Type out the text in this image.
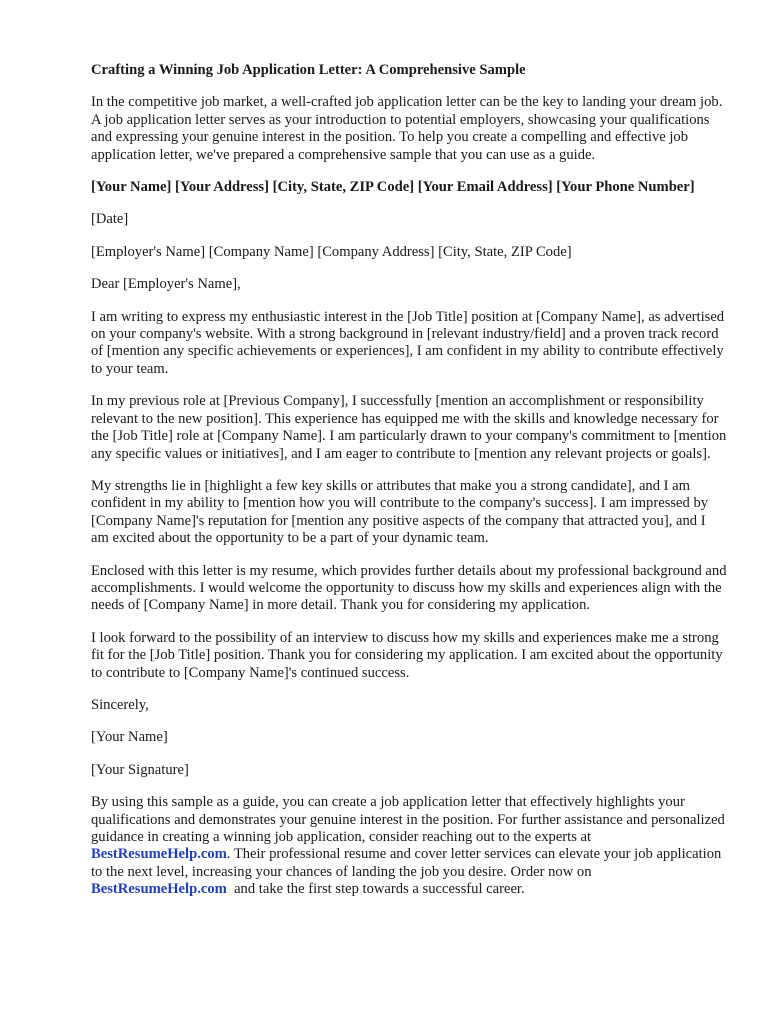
Crafting a Winning Job Application Letter: A Comprehensive Sample

In the competitive job market, a well-crafted job application letter can be the key to landing your dream job. A job application letter serves as your introduction to potential employers, showcasing your qualifications and expressing your genuine interest in the position. To help you create a compelling and effective job application letter, we've prepared a comprehensive sample that you can use as a guide.

[Your Name] [Your Address] [City, State, ZIP Code] [Your Email Address] [Your Phone Number]

[Date]

[Employer's Name] [Company Name] [Company Address] [City, State, ZIP Code]

Dear [Employer's Name],

I am writing to express my enthusiastic interest in the [Job Title] position at [Company Name], as advertised on your company's website. With a strong background in [relevant industry/field] and a proven track record of [mention any specific achievements or experiences], I am confident in my ability to contribute effectively to your team.

In my previous role at [Previous Company], I successfully [mention an accomplishment or responsibility relevant to the new position]. This experience has equipped me with the skills and knowledge necessary for the [Job Title] role at [Company Name]. I am particularly drawn to your company's commitment to [mention any specific values or initiatives], and I am eager to contribute to [mention any relevant projects or goals].

My strengths lie in [highlight a few key skills or attributes that make you a strong candidate], and I am confident in my ability to [mention how you will contribute to the company's success]. I am impressed by [Company Name]'s reputation for [mention any positive aspects of the company that attracted you], and I am excited about the opportunity to be a part of your dynamic team.

Enclosed with this letter is my resume, which provides further details about my professional background and accomplishments. I would welcome the opportunity to discuss how my skills and experiences align with the needs of [Company Name] in more detail. Thank you for considering my application.

I look forward to the possibility of an interview to discuss how my skills and experiences make me a strong fit for the [Job Title] position. Thank you for considering my application. I am excited about the opportunity to contribute to [Company Name]'s continued success.

Sincerely,

[Your Name]

[Your Signature]

By using this sample as a guide, you can create a job application letter that effectively highlights your qualifications and demonstrates your genuine interest in the position. For further assistance and personalized guidance in creating a winning job application, consider reaching out to the experts at BestResumeHelp.com. Their professional resume and cover letter services can elevate your job application to the next level, increasing your chances of landing the job you desire. Order now on BestResumeHelp.com and take the first step towards a successful career.
